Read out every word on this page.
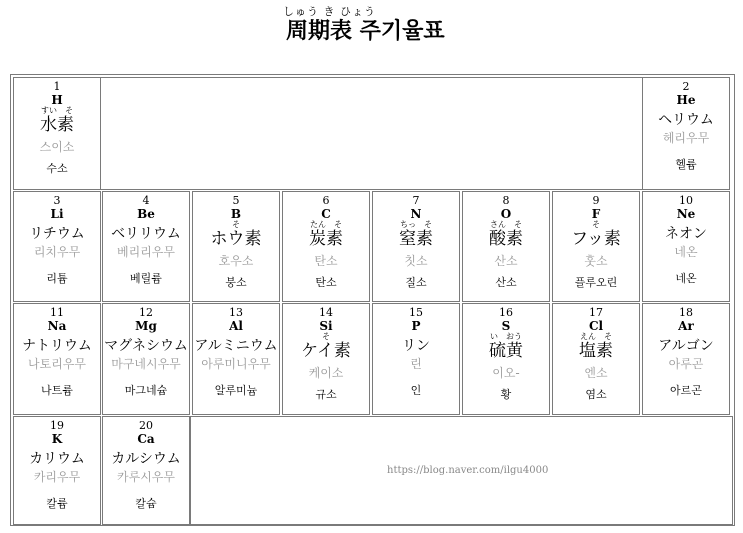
しゅう き ひょう
周期表 주기율표
https://blog.naver.com/ilgu4000
1
H
すい　そ
水素
스이소
수소
2
He
ヘリウム
헤리우무
헬륨
3
Li
リチウム
리치우무
리튬
4
Be
ベリリウム
베리리우무
베릴륨
5
B
そ
ホウ素
호우소
붕소
6
C
たん　そ
炭素
탄소
탄소
7
N
ちっ　そ
窒素
칫소
질소
8
O
さん　そ
酸素
산소
산소
9
F
そ
フッ素
훗소
플루오린
10
Ne
ネオン
네온
네온
11
Na
ナトリウム
나토리우무
나트륨
12
Mg
マグネシウム
마구네시우무
마그네슘
13
Al
アルミニウム
아루미니우무
알루미늄
14
Si
そ
ケイ素
케이소
규소
15
P
リン
린
인
16
S
い　おう
硫黄
이오-
황
17
Cl
えん　そ
塩素
엔소
염소
18
Ar
アルゴン
아루곤
아르곤
19
K
カリウム
카리우무
칼륨
20
Ca
カルシウム
카루시우무
칼슘
